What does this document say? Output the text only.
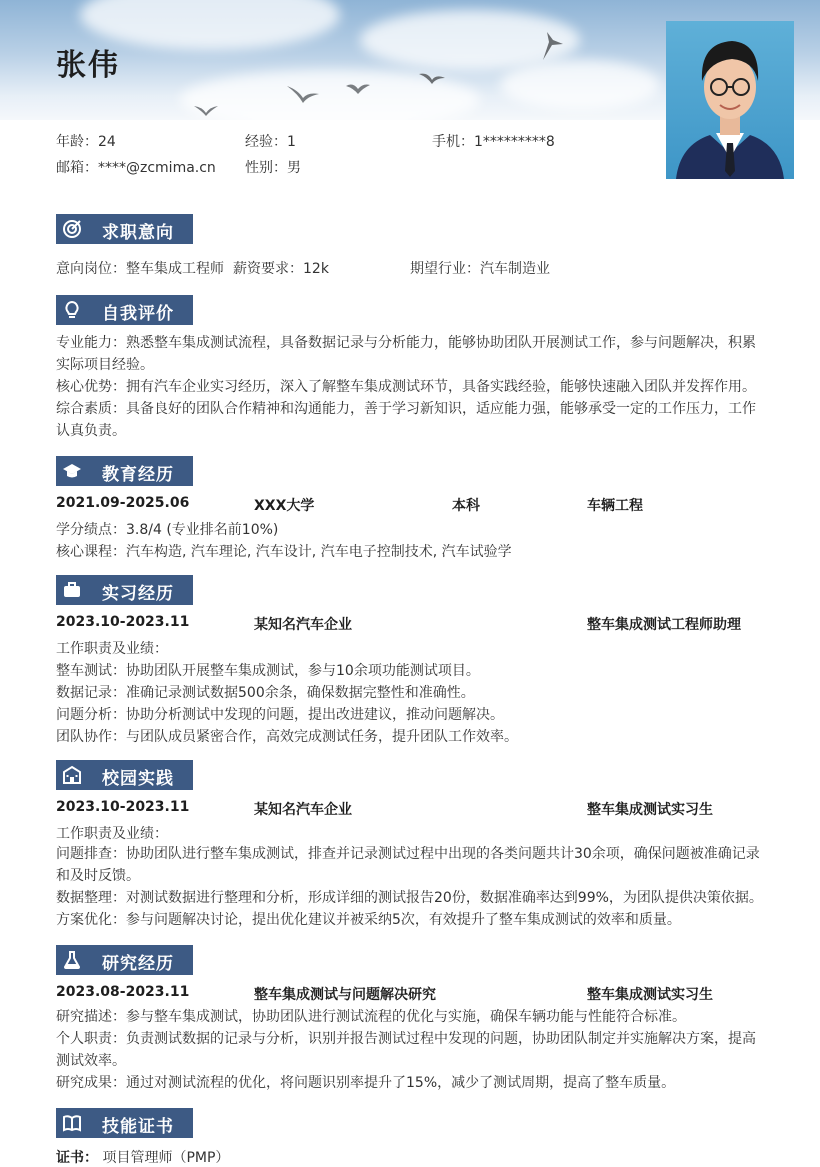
张伟
年龄：24	经验：1	手机：1*********8
邮箱：****@zcmima.cn 性别：男
求职意向
意向岗位：整车集成工程师 薪资要求：12k	期望行业：汽车制造业
自我评价
专业能力：熟悉整车集成测试流程，具备数据记录与分析能力，能够协助团队开展测试工作，参与问题解决，积累实际项目经验。
核心优势：拥有汽车企业实习经历，深入了解整车集成测试环节，具备实践经验，能够快速融入团队并发挥作用。
综合素质：具备良好的团队合作精神和沟通能力，善于学习新知识，适应能力强，能够承受一定的工作压力，工作认真负责。
教育经历
2021.09-2025.06	XXX大学	本科	车辆工程
学分绩点：3.8/4 (专业排名前10%)
核心课程：汽车构造, 汽车理论, 汽车设计, 汽车电子控制技术, 汽车试验学
实习经历
2023.10-2023.11	某知名汽车企业	整车集成测试工程师助理
工作职责及业绩：
整车测试：协助团队开展整车集成测试，参与10余项功能测试项目。
数据记录：准确记录测试数据500余条，确保数据完整性和准确性。
问题分析：协助分析测试中发现的问题，提出改进建议，推动问题解决。
团队协作：与团队成员紧密合作，高效完成测试任务，提升团队工作效率。
校园实践
2023.10-2023.11	某知名汽车企业	整车集成测试实习生
工作职责及业绩：
问题排查：协助团队进行整车集成测试，排查并记录测试过程中出现的各类问题共计30余项，确保问题被准确记录和及时反馈。
数据整理：对测试数据进行整理和分析，形成详细的测试报告20份，数据准确率达到99%，为团队提供决策依据。
方案优化：参与问题解决讨论，提出优化建议并被采纳5次，有效提升了整车集成测试的效率和质量。
研究经历
2023.08-2023.11	整车集成测试与问题解决研究	整车集成测试实习生
研究描述：参与整车集成测试，协助团队进行测试流程的优化与实施，确保车辆功能与性能符合标准。
个人职责：负责测试数据的记录与分析，识别并报告测试过程中发现的问题，协助团队制定并实施解决方案，提高测试效率。
研究成果：通过对测试流程的优化，将问题识别率提升了15%，减少了测试周期，提高了整车质量。
技能证书
证书： 项目管理师（PMP）
